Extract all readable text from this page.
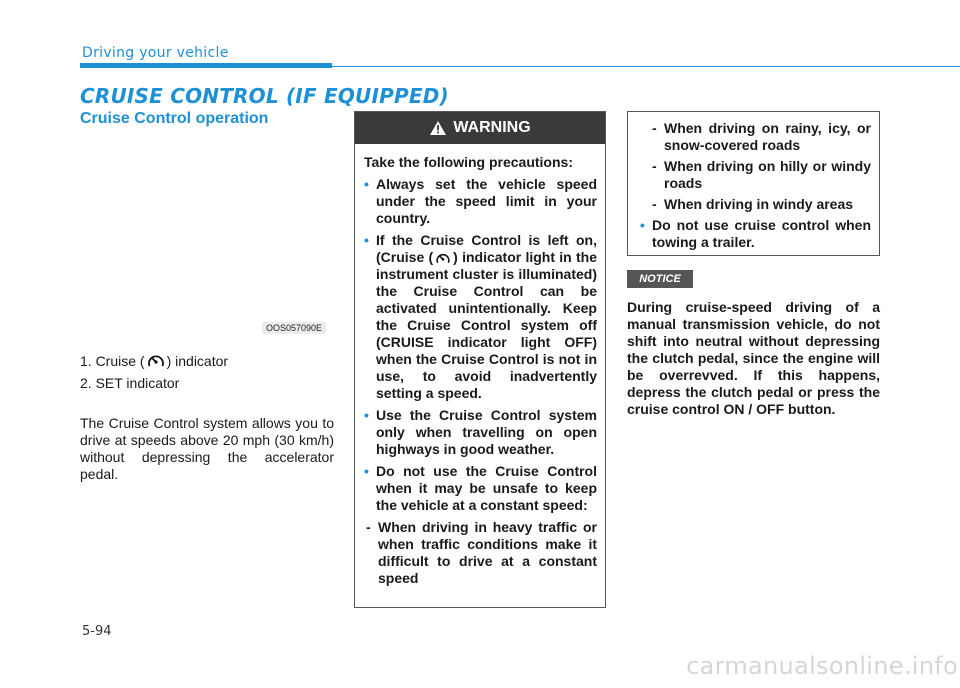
Driving your vehicle
CRUISE CONTROL (IF EQUIPPED)
Cruise Control operation
OOS057090E
1. Cruise ( ) indicator
2. SET indicator
The Cruise Control system allows you to drive at speeds above 20 mph (30 km/h) without depressing the accelerator pedal.
WARNING
Take the following precautions:
• Always set the vehicle speed under the speed limit in your country.
• If the Cruise Control is left on, (Cruise ( ) indicator light in the instrument cluster is illuminated) the Cruise Control can be activated unintentionally. Keep the Cruise Control system off (CRUISE indicator light OFF) when the Cruise Control is not in use, to avoid inadvertently setting a speed.
• Use the Cruise Control system only when travelling on open highways in good weather.
• Do not use the Cruise Control when it may be unsafe to keep the vehicle at a constant speed:
- When driving in heavy traffic or when traffic conditions make it difficult to drive at a constant speed
- When driving on rainy, icy, or snow-covered roads
- When driving on hilly or windy roads
- When driving in windy areas
• Do not use cruise control when towing a trailer.
NOTICE
During cruise-speed driving of a manual transmission vehicle, do not shift into neutral without depressing the clutch pedal, since the engine will be overrevved. If this happens, depress the clutch pedal or press the cruise control ON / OFF button.
5-94
carmanualsonline.info
